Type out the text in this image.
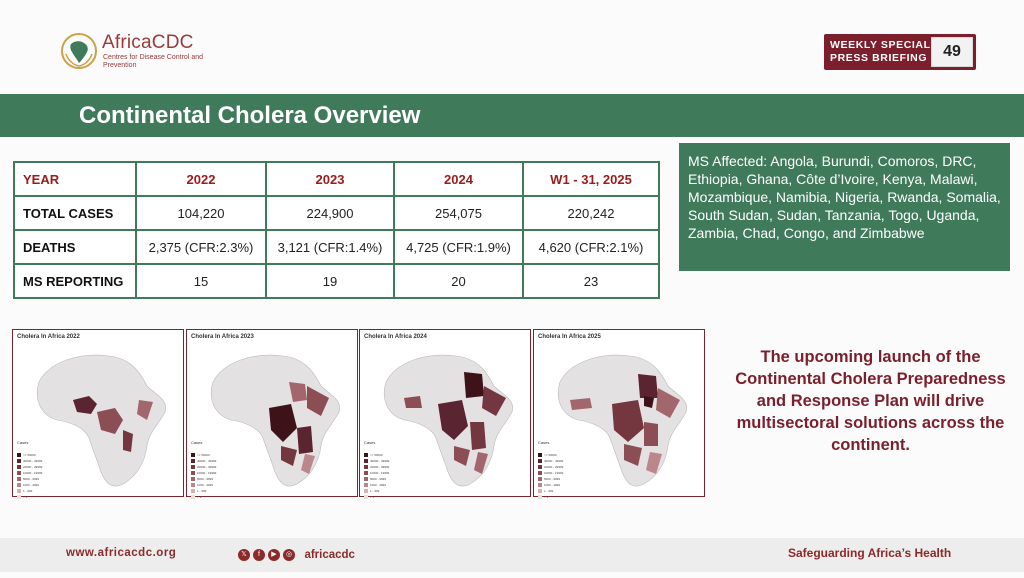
AfricaCDC
Centres for Disease Control and Prevention
WEEKLY SPECIAL
PRESS BRIEFING	49
Continental Cholera Overview
YEAR	2022	2023	2024	W1 - 31, 2025
TOTAL CASES	104,220	224,900	254,075	220,242
DEATHS	2,375 (CFR:2.3%)	3,121 (CFR:1.4%)	4,725 (CFR:1.9%)	4,620 (CFR:2.1%)
MS REPORTING	15	19	20	23
MS Affected: Angola, Burundi, Comoros, DRC, Ethiopia, Ghana, Côte d’Ivoire, Kenya, Malawi, Mozambique, Namibia, Nigeria, Rwanda, Somalia, South Sudan, Sudan, Tanzania, Togo, Uganda, Zambia, Chad, Congo, and Zimbabwe
Cholera In Africa 2022
Cases
>= 50000
40000 - 49999
20000 - 39999
10000 - 19999
5000 - 9999
1000 - 4999
1 - 999
< 1
Cholera In Africa 2023
Cases
>= 50000
40000 - 49999
20000 - 39999
10000 - 19999
5000 - 9999
1000 - 4999
1 - 999
< 1
Cholera In Africa 2024
Cases
>= 50000
40000 - 49999
20000 - 39999
10000 - 19999
5000 - 9999
1000 - 4999
1 - 999
< 1
Cholera In Africa 2025
Cases
>= 50000
40000 - 49999
20000 - 39999
10000 - 19999
5000 - 9999
1000 - 4999
1 - 999
< 1
The upcoming launch of the Continental Cholera Preparedness and Response Plan will drive multisectoral solutions across the continent.
www.africacdc.org	𝕏 f ▶ ◎ africacdc	Safeguarding Africa’s Health
